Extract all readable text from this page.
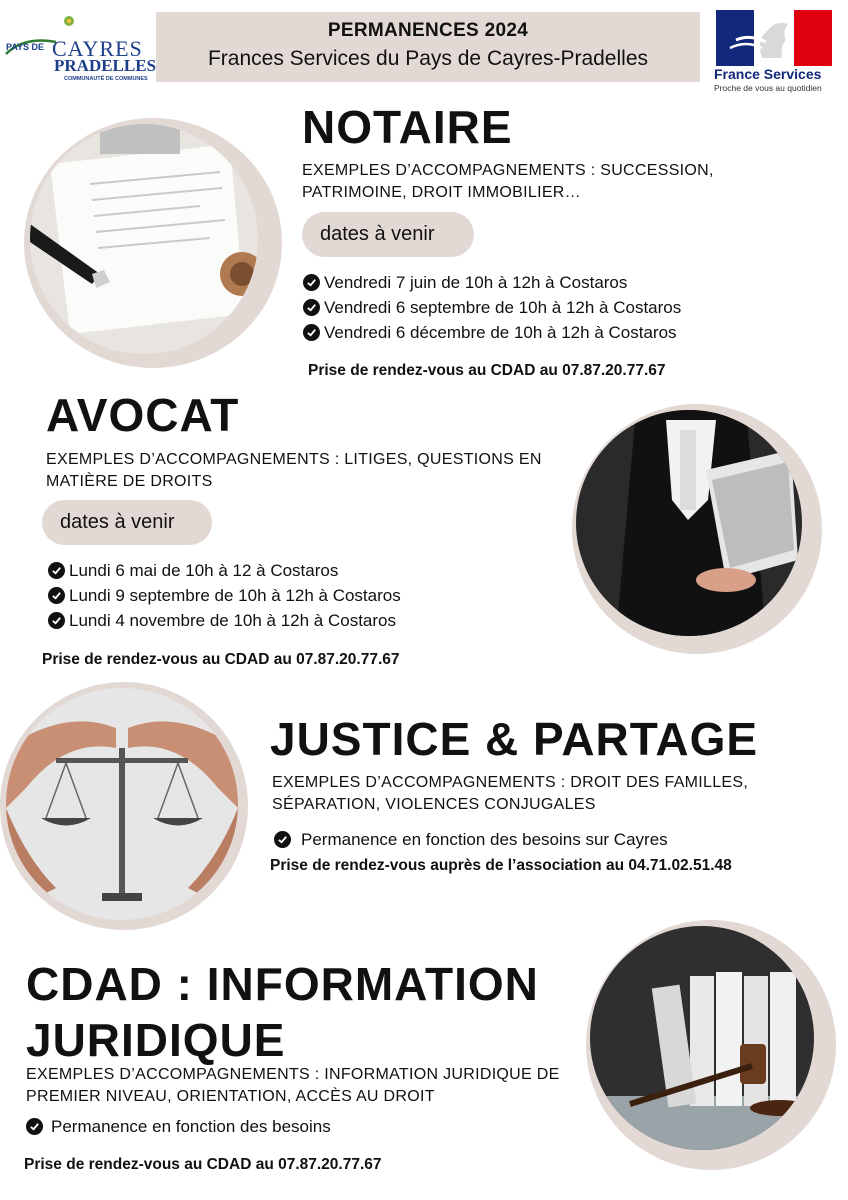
PAYS DE CAYRES
PRADELLES
COMMUNAUTÉ DE COMMUNES
PERMANENCES 2024
Frances Services du Pays de Cayres-Pradelles
France Services
Proche de vous au quotidien
NOTAIRE
EXEMPLES D’ACCOMPAGNEMENTS : SUCCESSION, PATRIMOINE, DROIT IMMOBILIER…
dates à venir
Vendredi 7 juin de 10h à 12h à Costaros
Vendredi 6 septembre de 10h à 12h à Costaros
Vendredi 6 décembre de 10h à 12h à Costaros
Prise de rendez-vous au CDAD au 07.87.20.77.67
AVOCAT
EXEMPLES D’ACCOMPAGNEMENTS : LITIGES, QUESTIONS EN MATIÈRE DE DROITS
dates à venir
Lundi 6 mai de 10h à 12 à Costaros
Lundi 9 septembre de 10h à 12h à Costaros
Lundi 4 novembre de 10h à 12h à Costaros
Prise de rendez-vous au CDAD au 07.87.20.77.67
JUSTICE & PARTAGE
EXEMPLES D’ACCOMPAGNEMENTS : DROIT DES FAMILLES, SÉPARATION, VIOLENCES CONJUGALES
Permanence en fonction des besoins sur Cayres
Prise de rendez-vous auprès de l’association au 04.71.02.51.48
CDAD : INFORMATION
JURIDIQUE
EXEMPLES D’ACCOMPAGNEMENTS : INFORMATION JURIDIQUE DE PREMIER NIVEAU, ORIENTATION, ACCÈS AU DROIT
Permanence en fonction des besoins
Prise de rendez-vous au CDAD au 07.87.20.77.67
